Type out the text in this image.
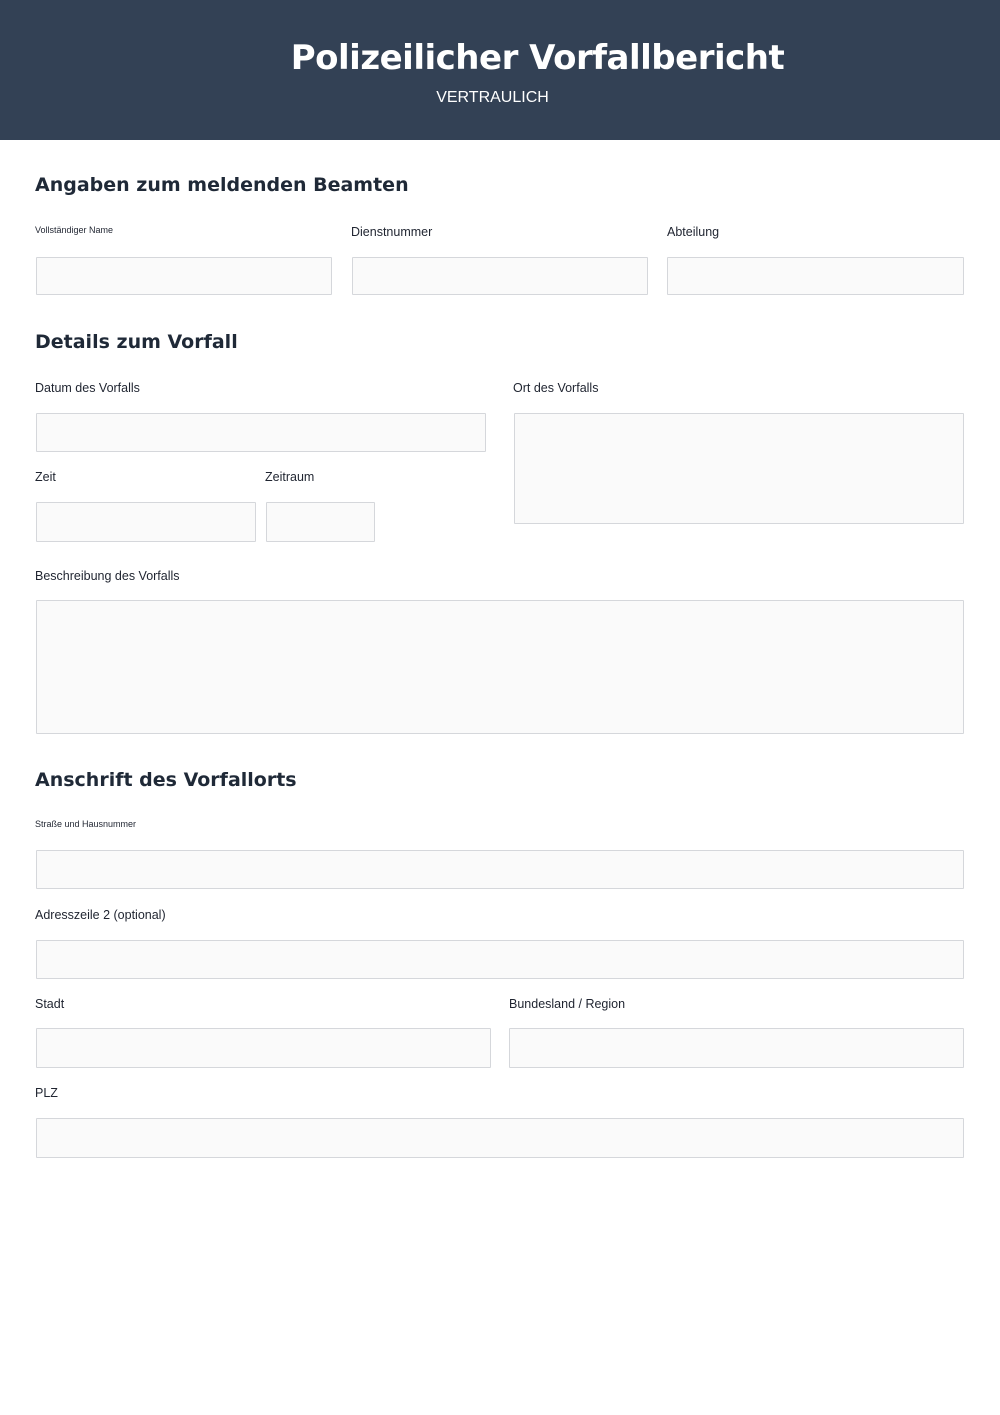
Polizeilicher Vorfallbericht
VERTRAULICH
Angaben zum meldenden Beamten
Vollständiger Name	Dienstnummer	Abteilung
Details zum Vorfall
Datum des Vorfalls	Ort des Vorfalls
Zeit	Zeitraum
Beschreibung des Vorfalls
Anschrift des Vorfallorts
Straße und Hausnummer
Adresszeile 2 (optional)
Stadt	Bundesland / Region
PLZ
